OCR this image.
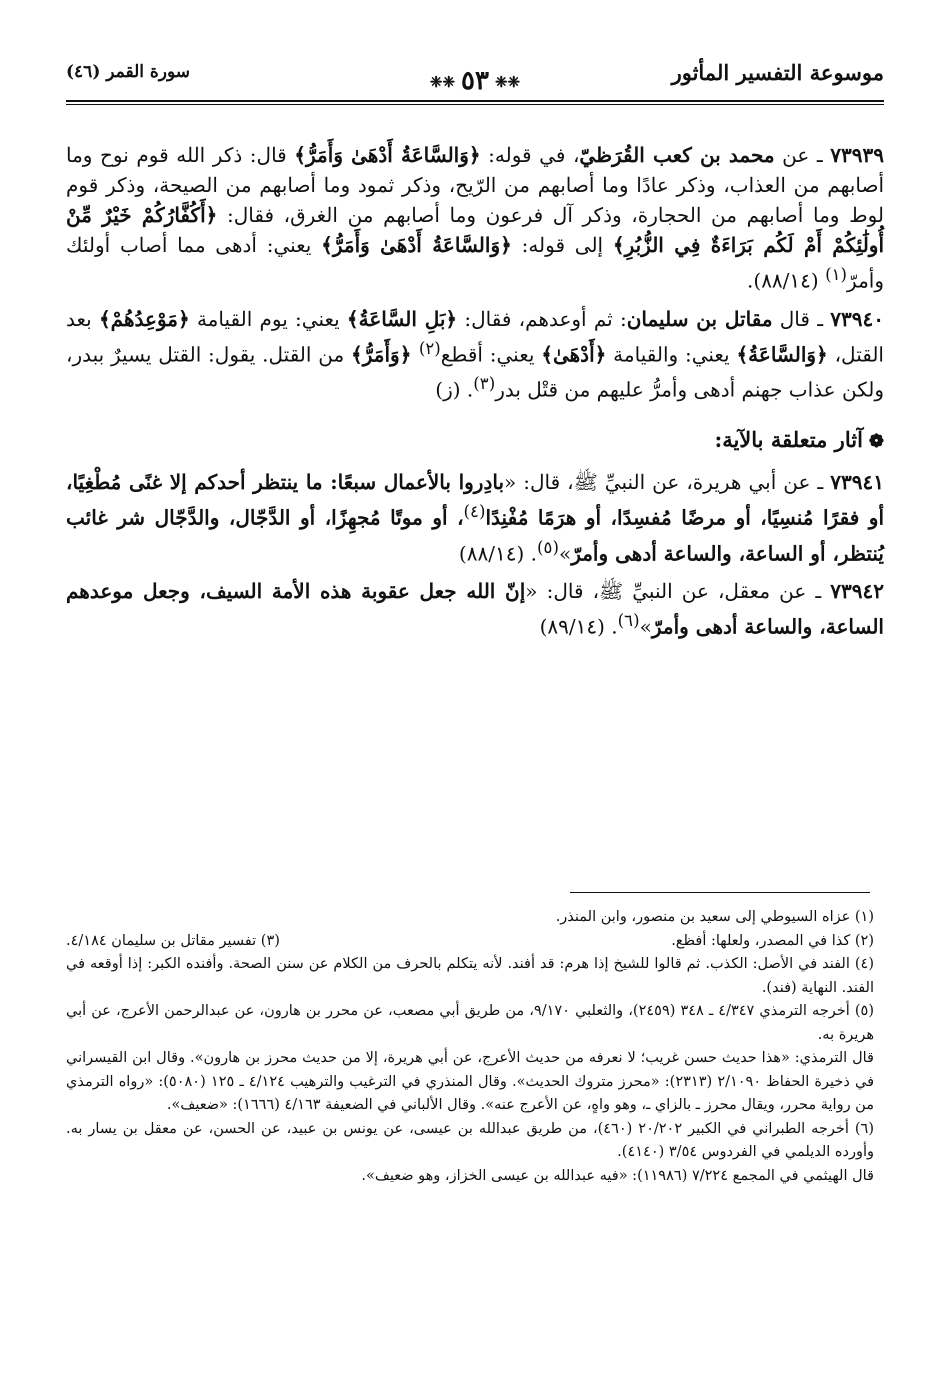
موسوعة التفسير المأثور
❈❈٥٣❈❈
سورة القمر (٤٦)

٧٣٩٣٩ ـ عن محمد بن كعب القُرَظيّ، في قوله: ﴿وَالسَّاعَةُ أَدْهَىٰ وَأَمَرُّ﴾ قال: ذكر الله قوم نوح وما أصابهم من العذاب، وذكر عادًا وما أصابهم من الرّيح، وذكر ثمود وما أصابهم من الصيحة، وذكر قوم لوط وما أصابهم من الحجارة، وذكر آل فرعون وما أصابهم من الغرق، فقال: ﴿أَكُفَّارُكُمْ خَيْرٌ مِّنْ أُولَٰئِكُمْ أَمْ لَكُم بَرَاءَةٌ فِي الزُّبُرِ﴾ إلى قوله: ﴿وَالسَّاعَةُ أَدْهَىٰ وَأَمَرُّ﴾ يعني: أدهى مما أصاب أولئك وأمرّ$^{(١)}$ (٨٨/١٤).

٧٣٩٤٠ ـ قال مقاتل بن سليمان: ثم أوعدهم، فقال: ﴿بَلِ السَّاعَةُ﴾ يعني: يوم القيامة ﴿مَوْعِدُهُمْ﴾ بعد القتل، ﴿وَالسَّاعَةُ﴾ يعني: والقيامة ﴿أَدْهَىٰ﴾ يعني: أقطع$^{(٢)}$ ﴿وَأَمَرُّ﴾ من القتل. يقول: القتل يسيرٌ ببدر، ولكن عذاب جهنم أدهى وأمرُّ عليهم من قتْل بدر$^{(٣)}$. (ز)

❁آثار متعلقة بالآية:

٧٣٩٤١ ـ عن أبي هريرة، عن النبيِّ ﷺ، قال: «بادِروا بالأعمال سبعًا: ما ينتظر أحدكم إلا غنًى مُطْغِيًا، أو فقرًا مُنسِيًا، أو مرضًا مُفسِدًا، أو هرَمًا مُفْنِدًا$^{(٤)}$، أو موتًا مُجهِزًا، أو الدَّجّال، والدَّجّال شر غائب يُنتظر، أو الساعة، والساعة أدهى وأمرّ»$^{(٥)}$. (٨٨/١٤)

٧٣٩٤٢ ـ عن معقل، عن النبيِّ ﷺ، قال: «إنّ الله جعل عقوبة هذه الأمة السيف، وجعل موعدهم الساعة، والساعة أدهى وأمرّ»$^{(٦)}$. (٨٩/١٤)

(١) عزاه السيوطي إلى سعيد بن منصور، وابن المنذر.

(٢) كذا في المصدر، ولعلها: أفظع.

(٣) تفسير مقاتل بن سليمان ٤/١٨٤.

(٤) الفند في الأصل: الكذب. ثم قالوا للشيخ إذا هرم: قد أفند. لأنه يتكلم بالحرف من الكلام عن سنن الصحة. وأفنده الكبر: إذا أوقعه في الفند. النهاية (فند).

(٥) أخرجه الترمذي ٤/٣٤٧ ـ ٣٤٨ (٢٤٥٩)، والثعلبي ٩/١٧٠، من طريق أبي مصعب، عن محرر بن هارون، عن عبدالرحمن الأعرج، عن أبي هريرة به.

قال الترمذي: «هذا حديث حسن غريب؛ لا نعرفه من حديث الأعرج، عن أبي هريرة، إلا من حديث محرز بن هارون». وقال ابن القيسراني في ذخيرة الحفاظ ٢/١٠٩٠ (٢٣١٣): «محرز متروك الحديث». وقال المنذري في الترغيب والترهيب ٤/١٢٤ ـ ١٢٥ (٥٠٨٠): «رواه الترمذي من رواية محرر، ويقال محرز ـ بالزاي ـ، وهو واهٍ، عن الأعرج عنه». وقال الألباني في الضعيفة ٤/١٦٣ (١٦٦٦): «ضعيف».

(٦) أخرجه الطبراني في الكبير ٢٠/٢٠٢ (٤٦٠)، من طريق عبدالله بن عيسى، عن يونس بن عبيد، عن الحسن، عن معقل بن يسار به. وأورده الديلمي في الفردوس ٣/٥٤ (٤١٤٠).

قال الهيثمي في المجمع ٧/٢٢٤ (١١٩٨٦): «فيه عبدالله بن عيسى الخزاز، وهو ضعيف».
